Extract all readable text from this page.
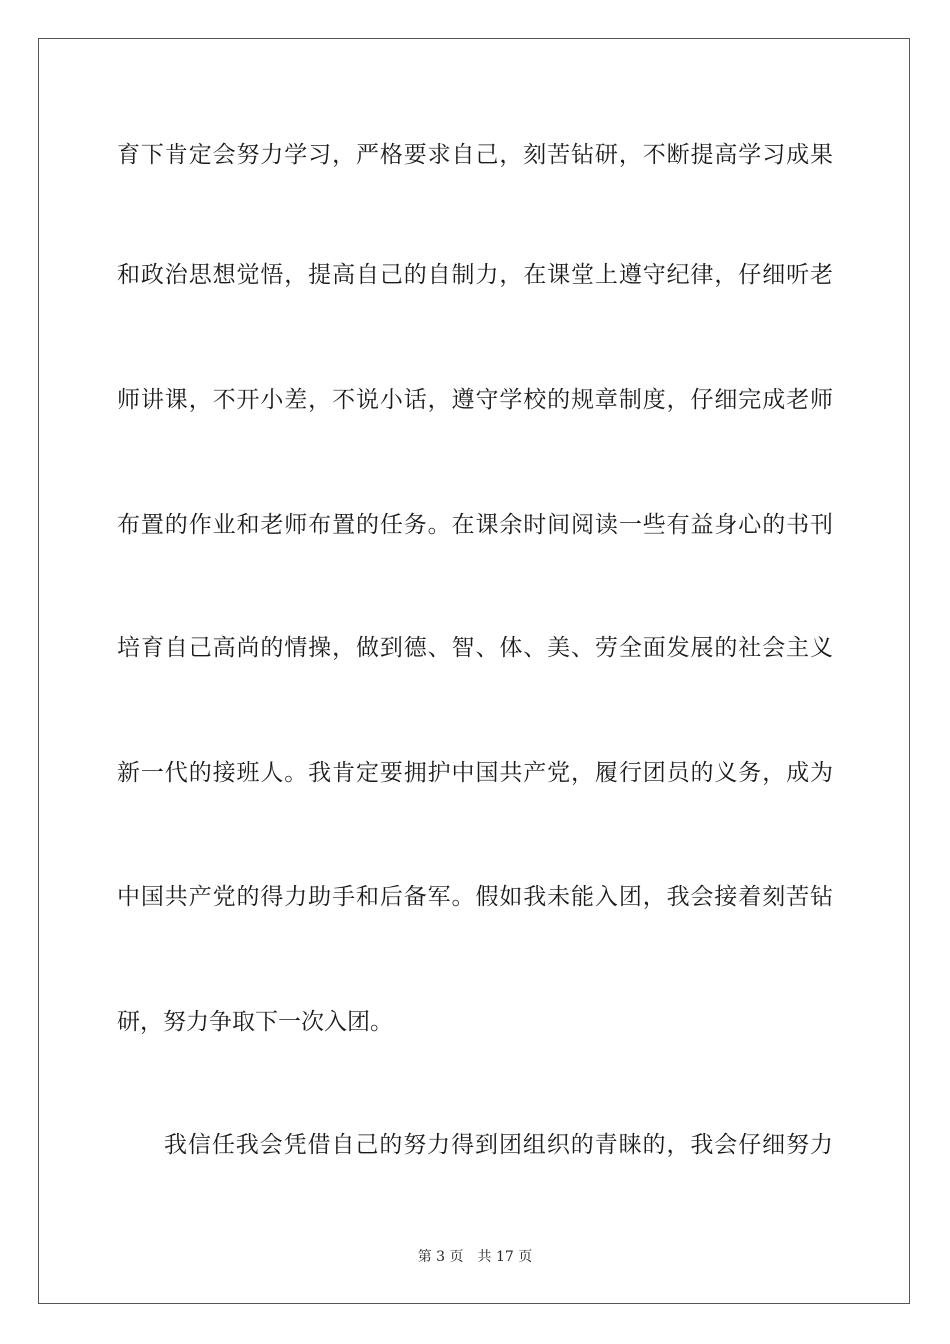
育下肯定会努力学习，严格要求自己，刻苦钻研，不断提高学习成果
和政治思想觉悟，提高自己的自制力，在课堂上遵守纪律，仔细听老
师讲课，不开小差，不说小话，遵守学校的规章制度，仔细完成老师
布置的作业和老师布置的任务。在课余时间阅读一些有益身心的书刊
培育自己高尚的情操，做到德、智、体、美、劳全面发展的社会主义
新一代的接班人。我肯定要拥护中国共产党，履行团员的义务，成为
中国共产党的得力助手和后备军。假如我未能入团，我会接着刻苦钻
研，努力争取下一次入团。
我信任我会凭借自己的努力得到团组织的青睐的，我会仔细努力
第 3 页 共 17 页
